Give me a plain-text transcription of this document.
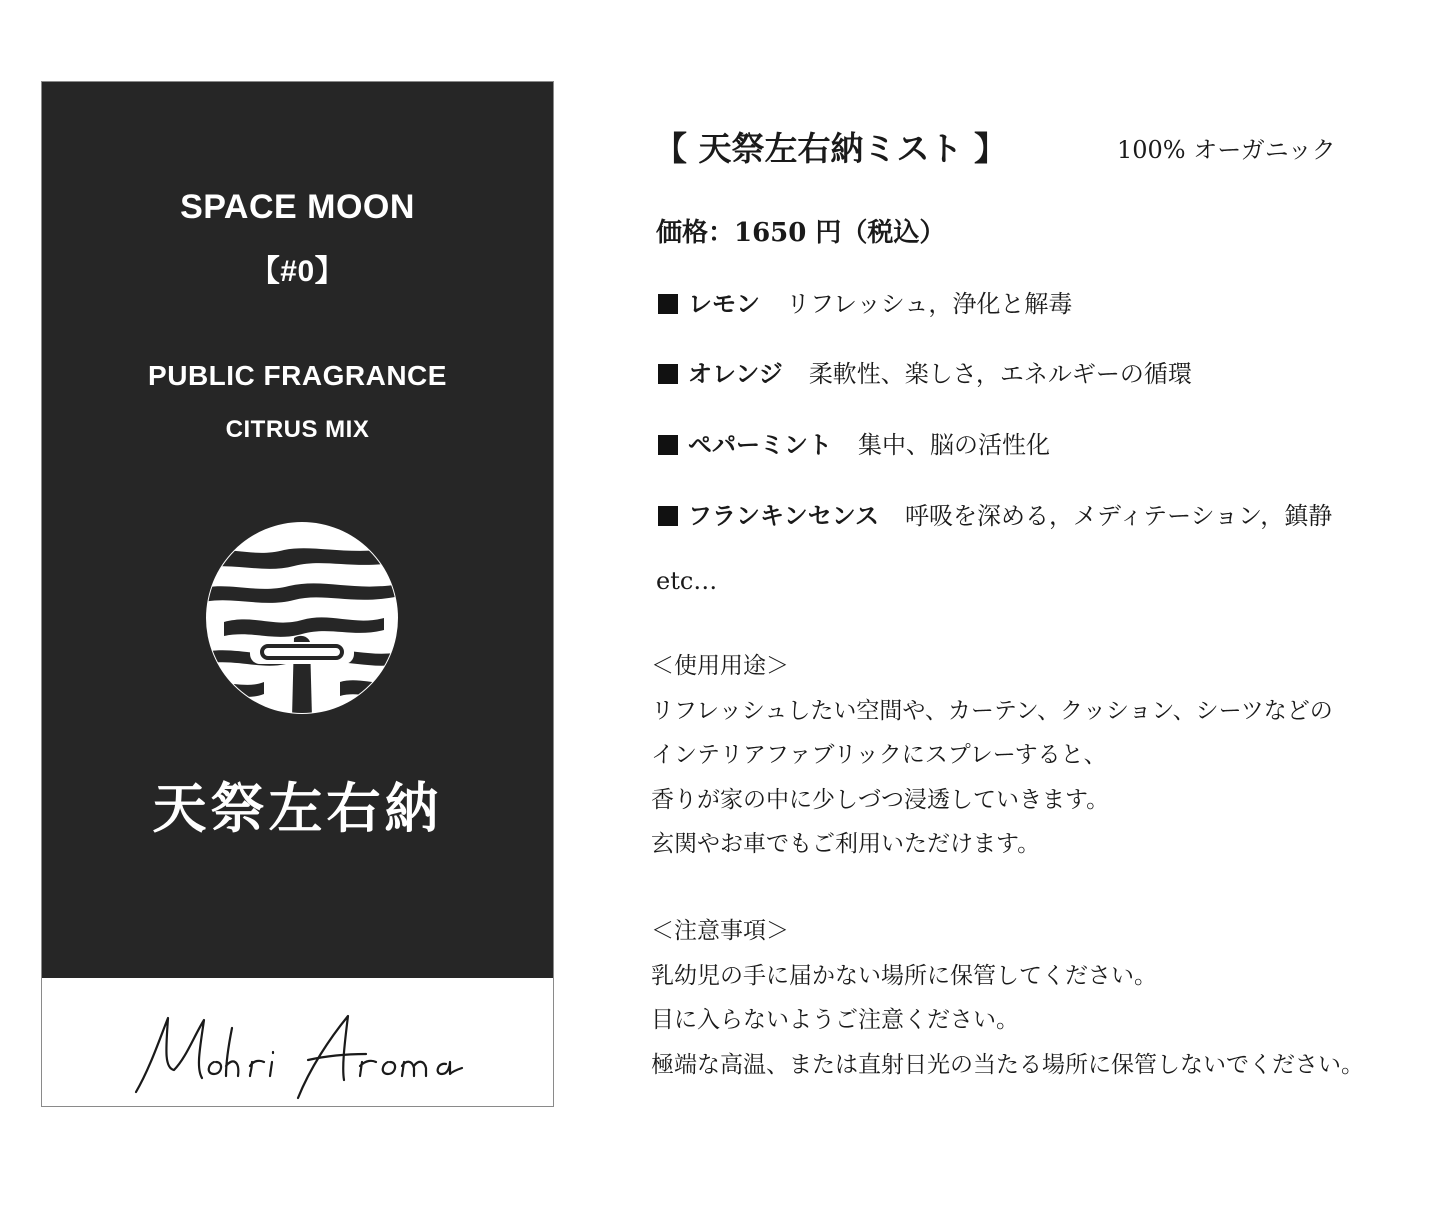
SPACE MOON
【#0】
PUBLIC FRAGRANCE
CITRUS MIX
天祭左右納
Mohri Aroma
【 天祭左右納ミスト 】	100% オーガニック
価格：1650 円（税込）
レモン リフレッシュ，浄化と解毒
オレンジ 柔軟性、楽しさ，エネルギーの循環
ペパーミント 集中、脳の活性化
フランキンセンス 呼吸を深める，メディテーション，鎮静
etc…
＜使用用途＞
リフレッシュしたい空間や、カーテン、クッション、シーツなどの
インテリアファブリックにスプレーすると、
香りが家の中に少しづつ浸透していきます。
玄関やお車でもご利用いただけます。
＜注意事項＞
乳幼児の手に届かない場所に保管してください。
目に入らないようご注意ください。
極端な高温、または直射日光の当たる場所に保管しないでください。
